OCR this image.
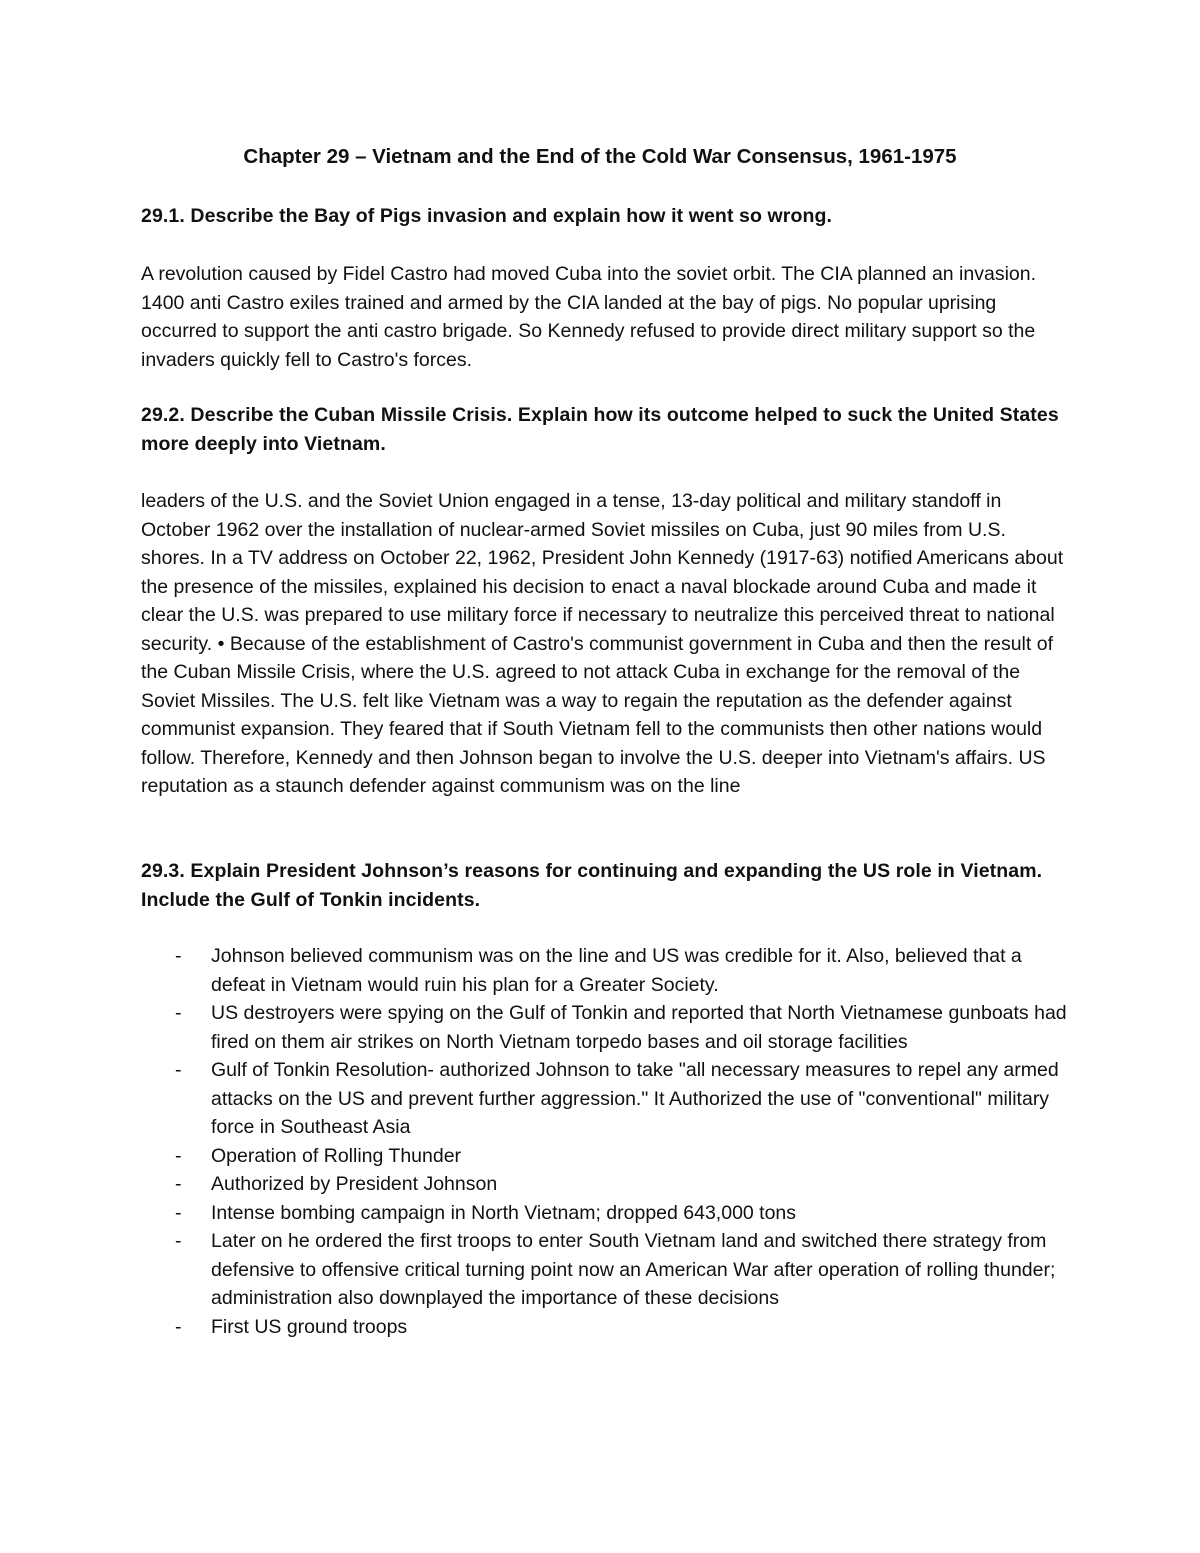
Chapter 29 – Vietnam and the End of the Cold War Consensus, 1961-1975
29.1. Describe the Bay of Pigs invasion and explain how it went so wrong.

A revolution caused by Fidel Castro had moved Cuba into the soviet orbit. The CIA planned an invasion. 1400 anti Castro exiles trained and armed by the CIA landed at the bay of pigs. No popular uprising occurred to support the anti castro brigade. So Kennedy refused to provide direct military support so the invaders quickly fell to Castro's forces.

29.2. Describe the Cuban Missile Crisis. Explain how its outcome helped to suck the United States more deeply into Vietnam.

leaders of the U.S. and the Soviet Union engaged in a tense, 13-day political and military standoff in October 1962 over the installation of nuclear-armed Soviet missiles on Cuba, just 90 miles from U.S. shores. In a TV address on October 22, 1962, President John Kennedy (1917-63) notified Americans about the presence of the missiles, explained his decision to enact a naval blockade around Cuba and made it clear the U.S. was prepared to use military force if necessary to neutralize this perceived threat to national security. • Because of the establishment of Castro's communist government in Cuba and then the result of the Cuban Missile Crisis, where the U.S. agreed to not attack Cuba in exchange for the removal of the Soviet Missiles. The U.S. felt like Vietnam was a way to regain the reputation as the defender against communist expansion. They feared that if South Vietnam fell to the communists then other nations would follow. Therefore, Kennedy and then Johnson began to involve the U.S. deeper into Vietnam's affairs. US reputation as a staunch defender against communism was on the line

29.3. Explain President Johnson’s reasons for continuing and expanding the US role in Vietnam. Include the Gulf of Tonkin incidents.
- Johnson believed communism was on the line and US was credible for it. Also, believed that a defeat in Vietnam would ruin his plan for a Greater Society.
- US destroyers were spying on the Gulf of Tonkin and reported that North Vietnamese gunboats had fired on them air strikes on North Vietnam torpedo bases and oil storage facilities
- Gulf of Tonkin Resolution- authorized Johnson to take "all necessary measures to repel any armed attacks on the US and prevent further aggression." It Authorized the use of "conventional" military force in Southeast Asia
- Operation of Rolling Thunder
- Authorized by President Johnson
- Intense bombing campaign in North Vietnam; dropped 643,000 tons
- Later on he ordered the first troops to enter South Vietnam land and switched there strategy from defensive to offensive critical turning point now an American War after operation of rolling thunder; administration also downplayed the importance of these decisions
- First US ground troops
